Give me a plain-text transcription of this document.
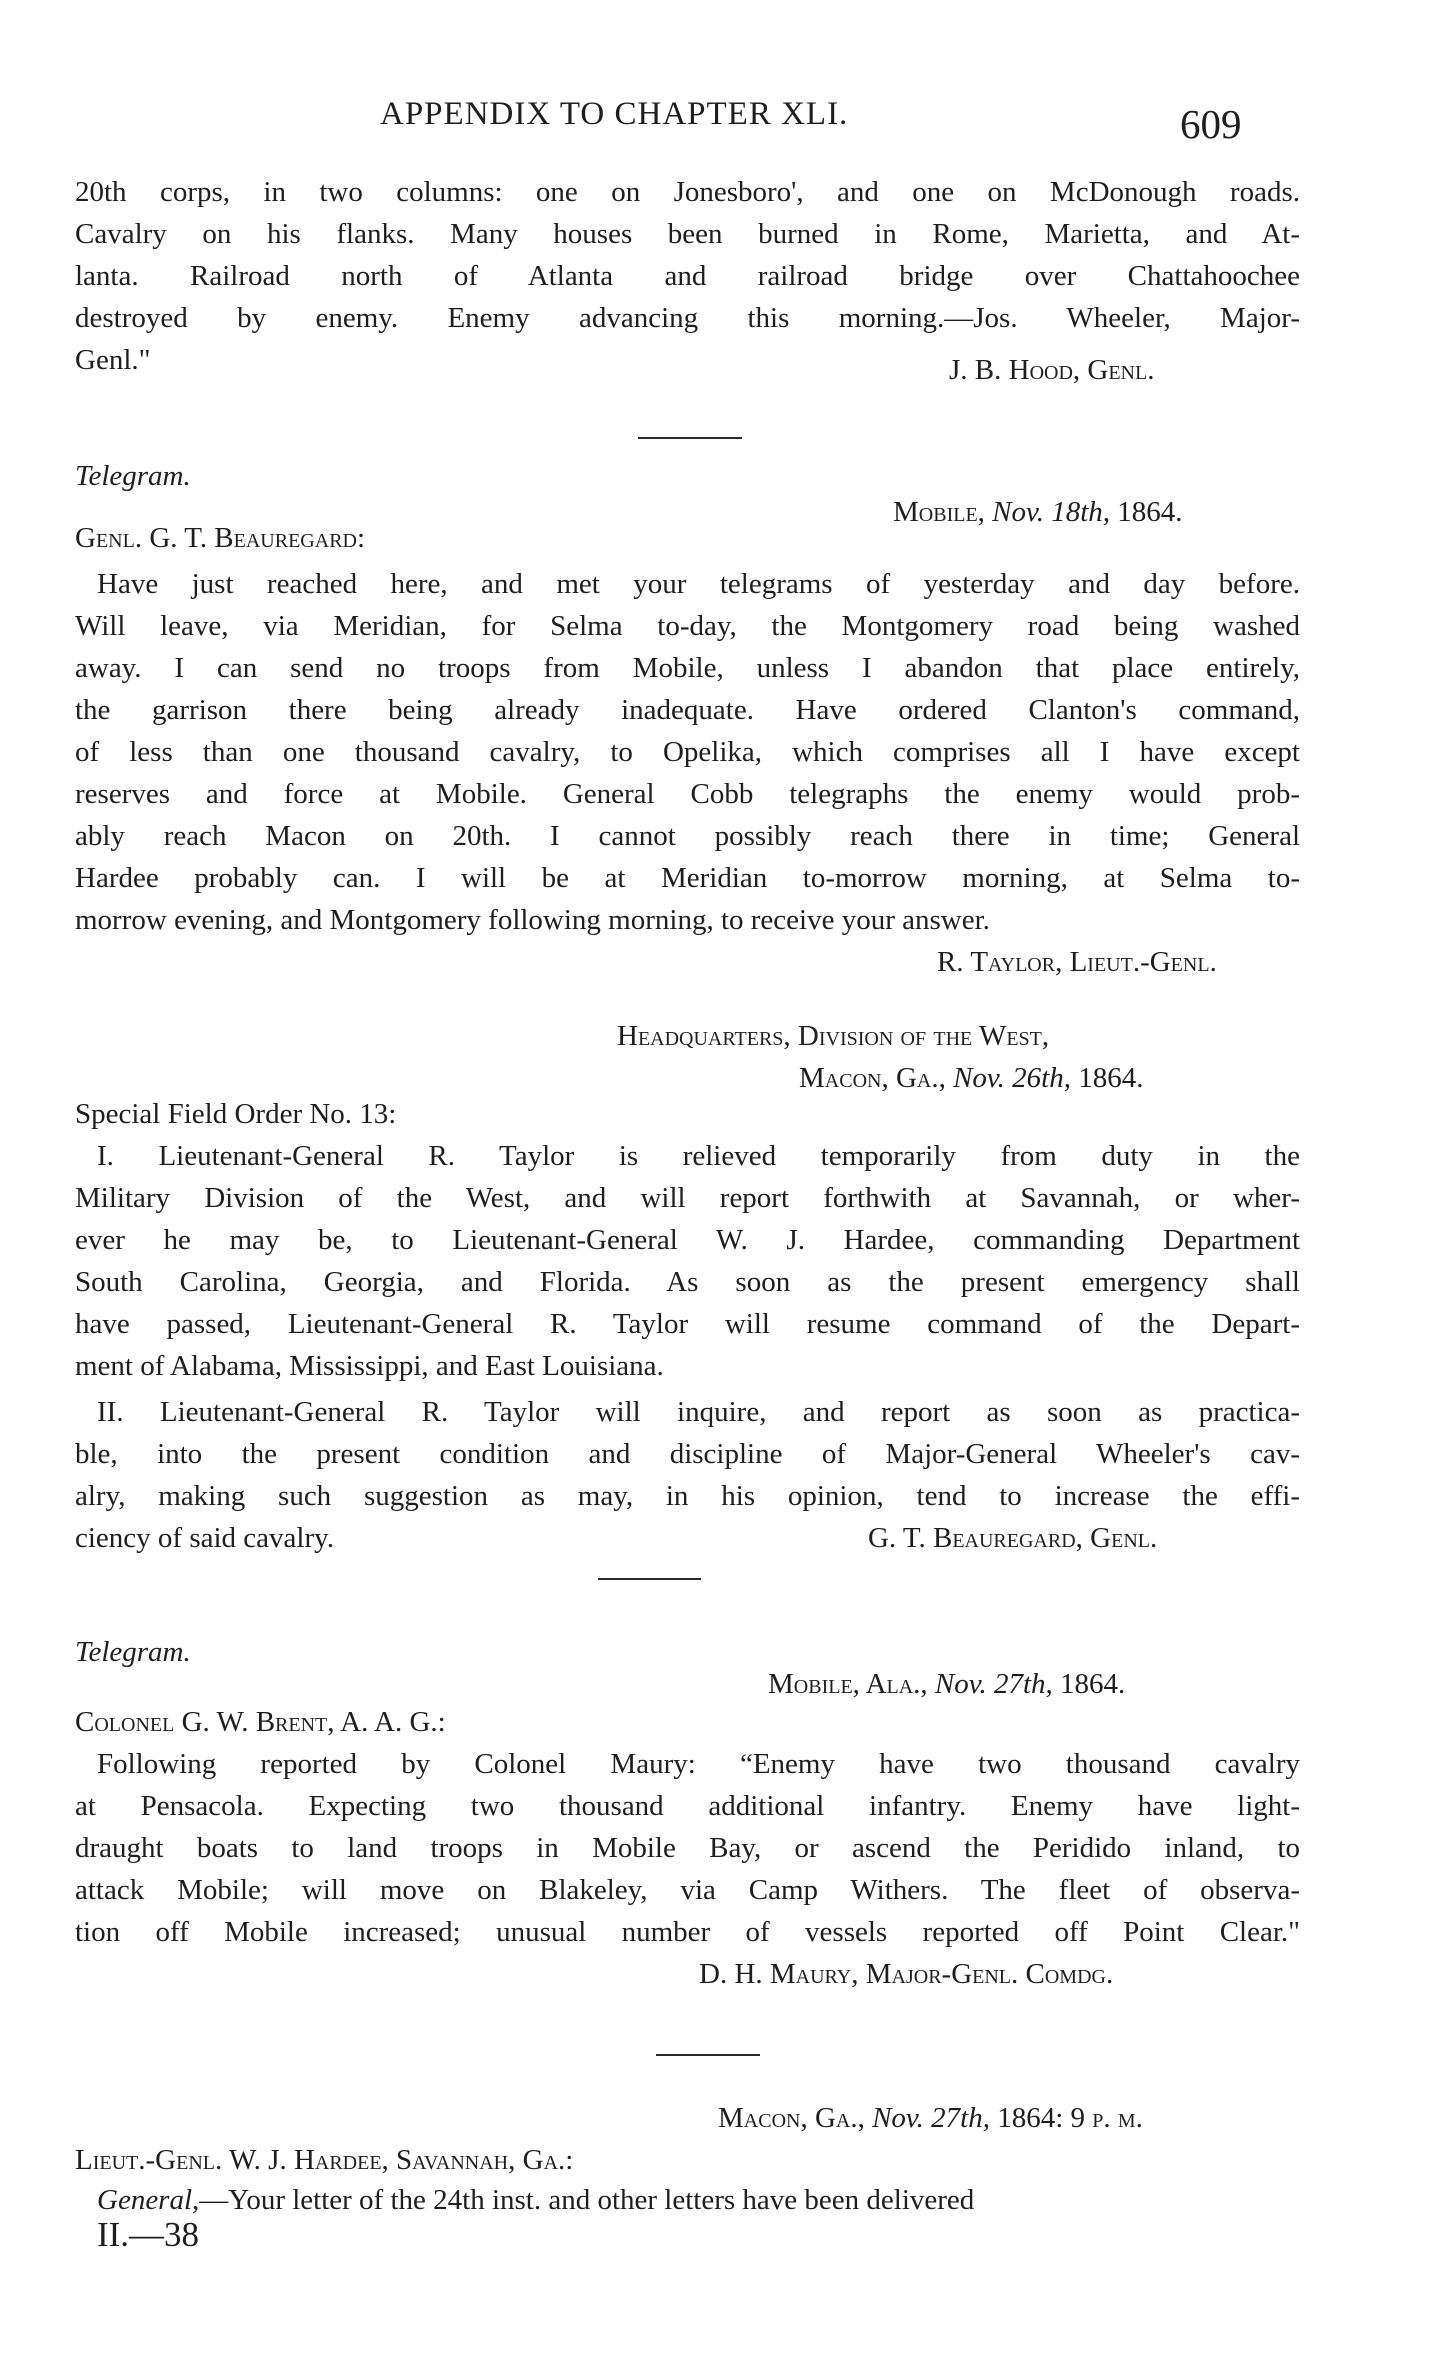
APPENDIX TO CHAPTER XLI.	609
20th corps, in two columns: one on Jonesboro', and one on McDonough roads.
Cavalry on his flanks. Many houses been burned in Rome, Marietta, and At-
lanta. Railroad north of Atlanta and railroad bridge over Chattahoochee
destroyed by enemy. Enemy advancing this morning.—Jos. Wheeler, Major-
Genl."	J. B. Hood, Genl.
Telegram.
Mobile, Nov. 18th, 1864.
Genl. G. T. Beauregard:
Have just reached here, and met your telegrams of yesterday and day before.
Will leave, via Meridian, for Selma to-day, the Montgomery road being washed
away. I can send no troops from Mobile, unless I abandon that place entirely,
the garrison there being already inadequate. Have ordered Clanton's command,
of less than one thousand cavalry, to Opelika, which comprises all I have except
reserves and force at Mobile. General Cobb telegraphs the enemy would prob-
ably reach Macon on 20th. I cannot possibly reach there in time; General
Hardee probably can. I will be at Meridian to-morrow morning, at Selma to-
morrow evening, and Montgomery following morning, to receive your answer.
R. Taylor, Lieut.-Genl.
Headquarters, Division of the West,
Macon, Ga., Nov. 26th, 1864.
Special Field Order No. 13:
I. Lieutenant-General R. Taylor is relieved temporarily from duty in the
Military Division of the West, and will report forthwith at Savannah, or wher-
ever he may be, to Lieutenant-General W. J. Hardee, commanding Department
South Carolina, Georgia, and Florida. As soon as the present emergency shall
have passed, Lieutenant-General R. Taylor will resume command of the Depart-
ment of Alabama, Mississippi, and East Louisiana.
II. Lieutenant-General R. Taylor will inquire, and report as soon as practica-
ble, into the present condition and discipline of Major-General Wheeler's cav-
alry, making such suggestion as may, in his opinion, tend to increase the effi-
ciency of said cavalry.	G. T. Beauregard, Genl.
Telegram.
Mobile, Ala., Nov. 27th, 1864.
Colonel G. W. Brent, A. A. G.:
Following reported by Colonel Maury: “Enemy have two thousand cavalry
at Pensacola. Expecting two thousand additional infantry. Enemy have light-
draught boats to land troops in Mobile Bay, or ascend the Peridido inland, to
attack Mobile; will move on Blakeley, via Camp Withers. The fleet of observa-
tion off Mobile increased; unusual number of vessels reported off Point Clear."
D. H. Maury, Major-Genl. Comdg.
Macon, Ga., Nov. 27th, 1864: 9 p. m.
Lieut.-Genl. W. J. Hardee, Savannah, Ga.:
General,—Your letter of the 24th inst. and other letters have been delivered
II.—38
